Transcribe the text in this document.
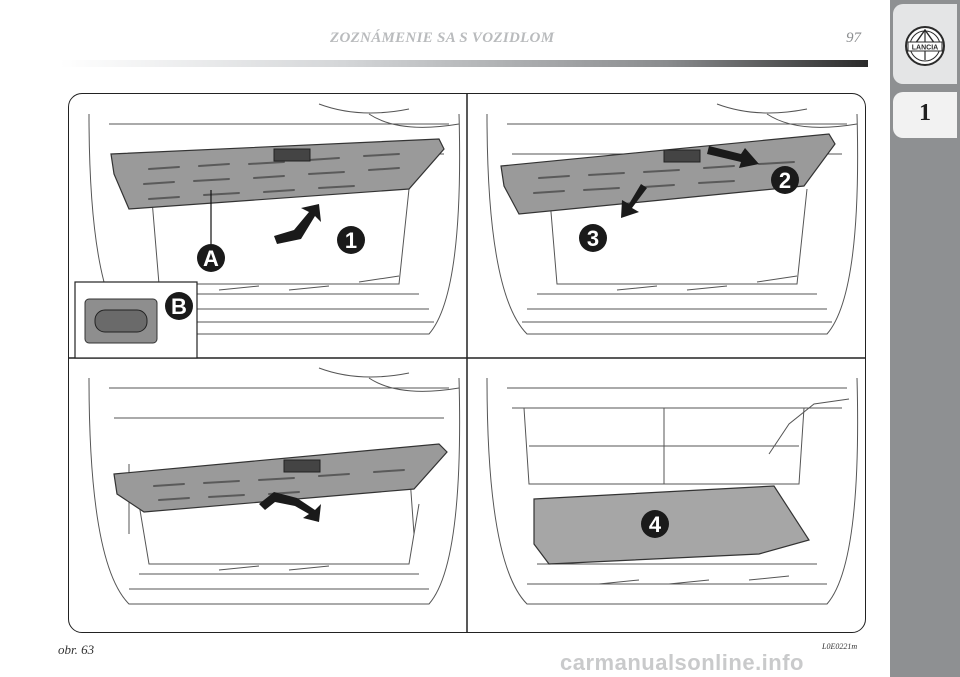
ZOZNÁMENIE SA S VOZIDLOM	97
LANCIA
1
A
1
B
2
3
4
obr. 63	L0E0221m
carmanualsonline.info
